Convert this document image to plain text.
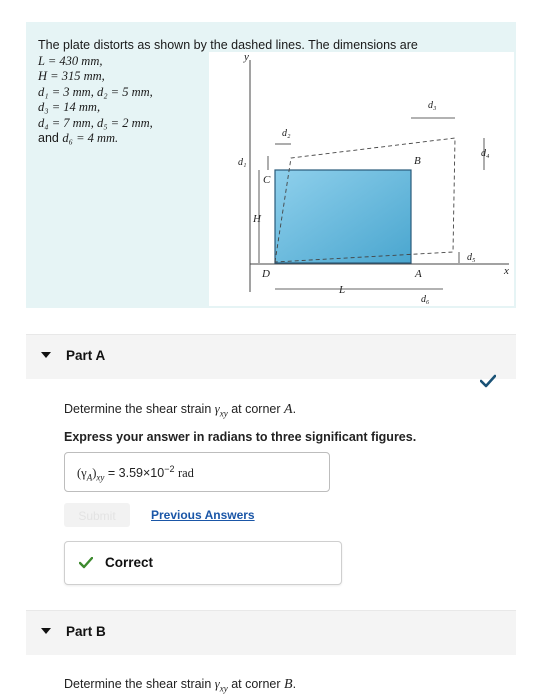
The plate distorts as shown by the dashed lines. The dimensions are
L = 430 mm,
H = 315 mm,
d₁ = 3 mm, d₂ = 5 mm,
d₃ = 14 mm,
d₄ = 7 mm, d₅ = 2 mm,
and d₆ = 4 mm.
y
x
d₁
d₂
d₃
d₄
d₅
d₆
L
H
A
B
C
D
Part A
Determine the shear strain $\gamma_{xy}$ at corner A.
Express your answer in radians to three significant figures.
$(\gamma_A)_{xy} = 3.59\times 10^{-2}$ rad
Submit	Previous Answers
Correct
Part B
Determine the shear strain $\gamma_{xy}$ at corner B.
